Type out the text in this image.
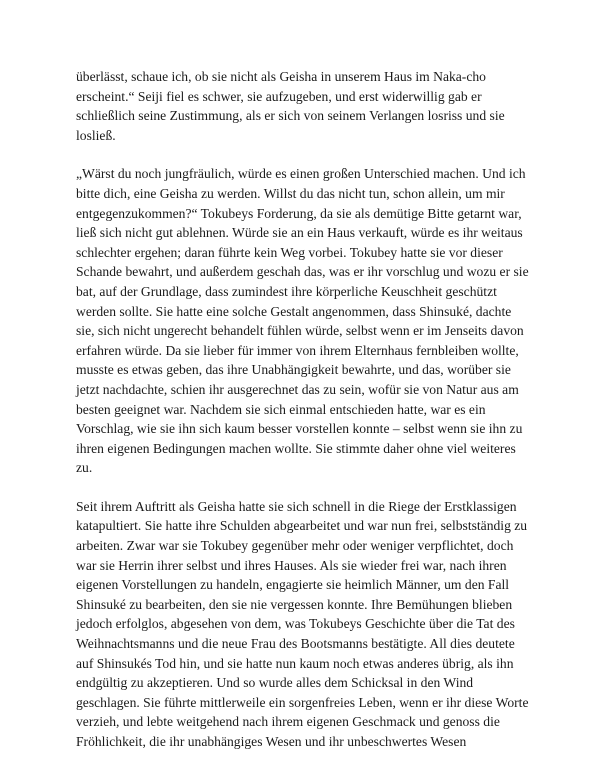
überlässt, schaue ich, ob sie nicht als Geisha in unserem Haus im Naka-cho erscheint.“ Seiji fiel es schwer, sie aufzugeben, und erst widerwillig gab er schließlich seine Zustimmung, als er sich von seinem Verlangen losriss und sie losließ.

„Wärst du noch jungfräulich, würde es einen großen Unterschied machen. Und ich bitte dich, eine Geisha zu werden. Willst du das nicht tun, schon allein, um mir entgegenzukommen?“ Tokubeys Forderung, da sie als demütige Bitte getarnt war, ließ sich nicht gut ablehnen. Würde sie an ein Haus verkauft, würde es ihr weitaus schlechter ergehen; daran führte kein Weg vorbei. Tokubey hatte sie vor dieser Schande bewahrt, und außerdem geschah das, was er ihr vorschlug und wozu er sie bat, auf der Grundlage, dass zumindest ihre körperliche Keuschheit geschützt werden sollte. Sie hatte eine solche Gestalt angenommen, dass Shinsuké, dachte sie, sich nicht ungerecht behandelt fühlen würde, selbst wenn er im Jenseits davon erfahren würde. Da sie lieber für immer von ihrem Elternhaus fernbleiben wollte, musste es etwas geben, das ihre Unabhängigkeit bewahrte, und das, worüber sie jetzt nachdachte, schien ihr ausgerechnet das zu sein, wofür sie von Natur aus am besten geeignet war. Nachdem sie sich einmal entschieden hatte, war es ein Vorschlag, wie sie ihn sich kaum besser vorstellen konnte – selbst wenn sie ihn zu ihren eigenen Bedingungen machen wollte. Sie stimmte daher ohne viel weiteres zu.

Seit ihrem Auftritt als Geisha hatte sie sich schnell in die Riege der Erstklassigen katapultiert. Sie hatte ihre Schulden abgearbeitet und war nun frei, selbstständig zu arbeiten. Zwar war sie Tokubey gegenüber mehr oder weniger verpflichtet, doch war sie Herrin ihrer selbst und ihres Hauses. Als sie wieder frei war, nach ihren eigenen Vorstellungen zu handeln, engagierte sie heimlich Männer, um den Fall Shinsuké zu bearbeiten, den sie nie vergessen konnte. Ihre Bemühungen blieben jedoch erfolglos, abgesehen von dem, was Tokubeys Geschichte über die Tat des Weihnachtsmanns und die neue Frau des Bootsmanns bestätigte. All dies deutete auf Shinsukés Tod hin, und sie hatte nun kaum noch etwas anderes übrig, als ihn endgültig zu akzeptieren. Und so wurde alles dem Schicksal in den Wind geschlagen. Sie führte mittlerweile ein sorgenfreies Leben, wenn er ihr diese Worte verzieh, und lebte weitgehend nach ihrem eigenen Geschmack und genoss die Fröhlichkeit, die ihr unabhängiges Wesen und ihr unbeschwertes Wesen
